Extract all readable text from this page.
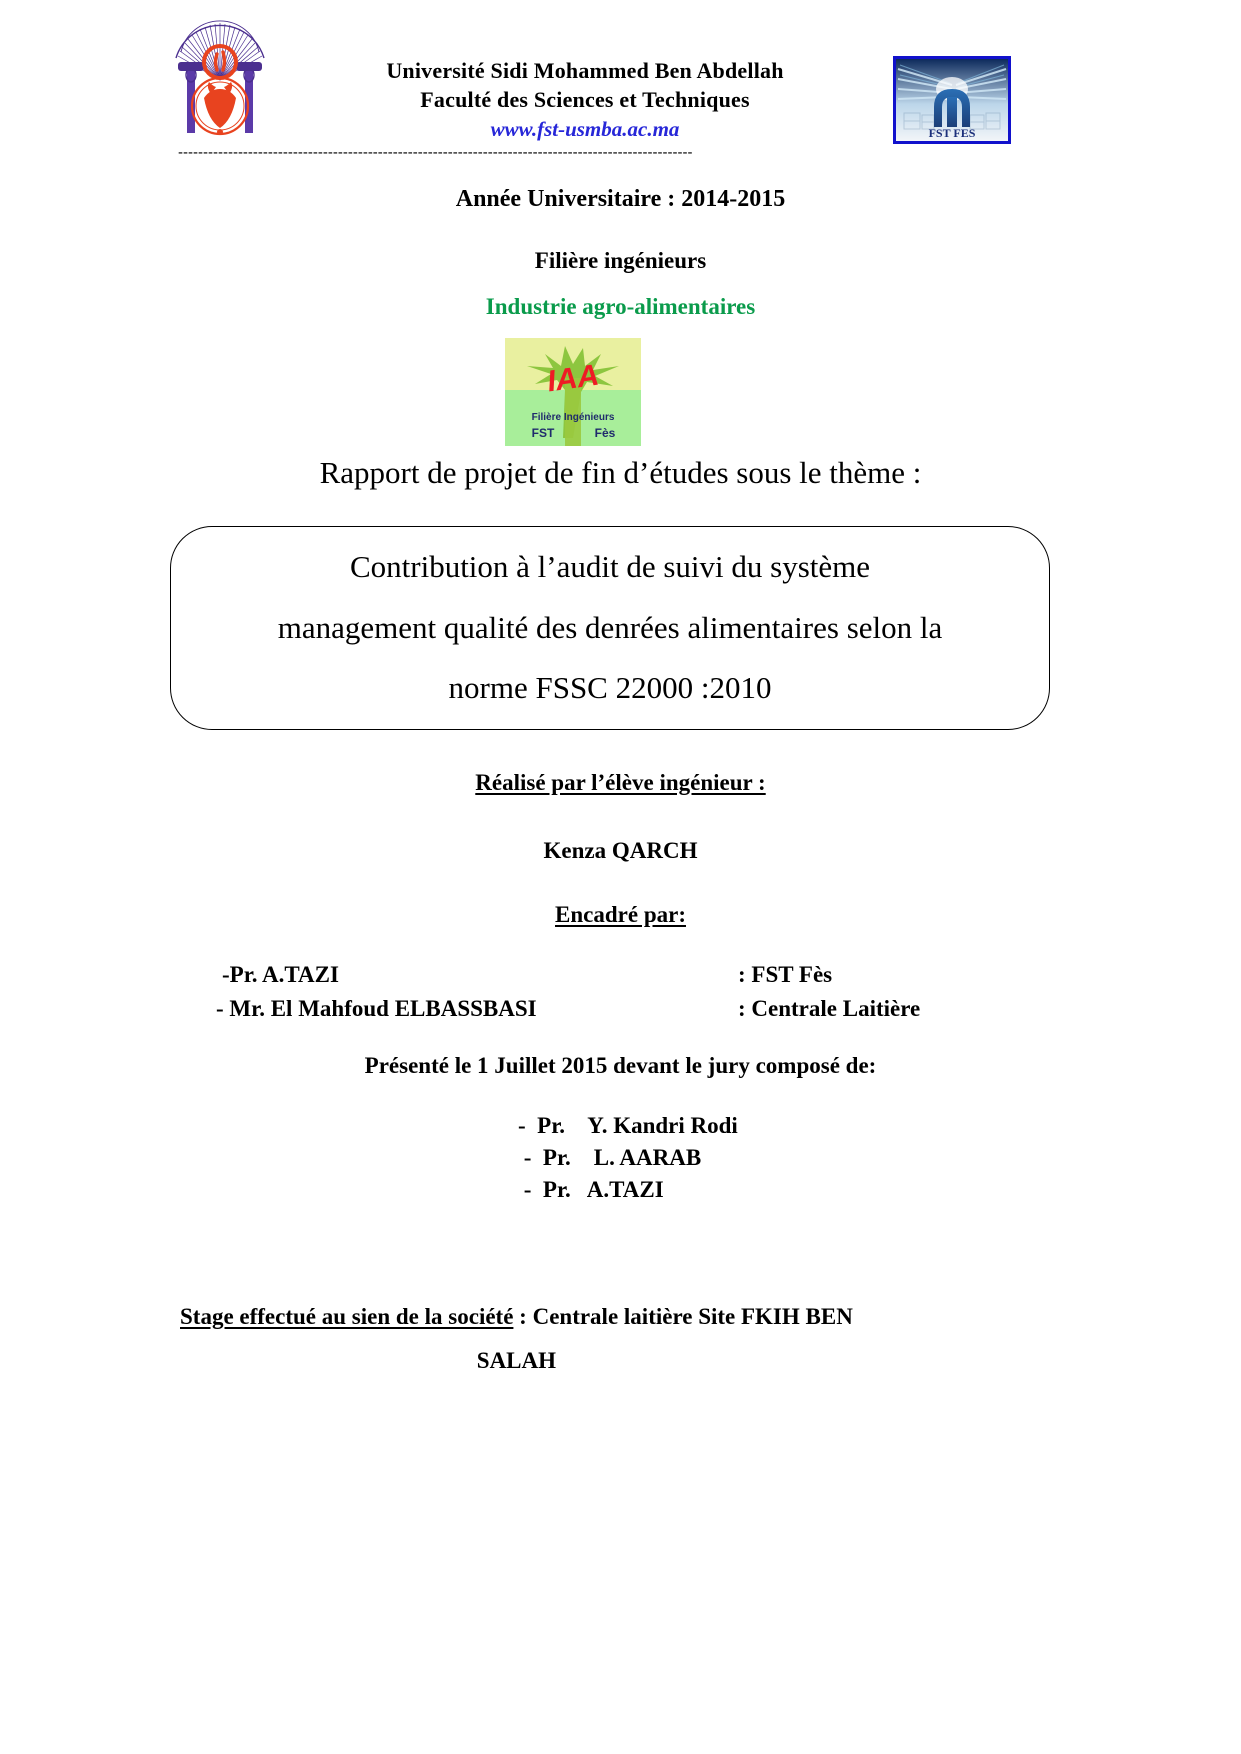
Université Sidi Mohammed Ben Abdellah
Faculté des Sciences et Techniques
www.fst-usmba.ac.ma	FST FES
-------------------------------------------------------------------------------------------------------
Année Universitaire : 2014-2015
Filière ingénieurs
Industrie agro-alimentaires
IAA
Filière Ingénieurs
FST	Fès
Rapport de projet de fin d’études sous le thème :
Contribution à l’audit de suivi du système
management qualité des denrées alimentaires selon la
norme FSSC 22000 :2010
Réalisé par l’élève ingénieur :
Kenza QARCH
Encadré par:
-Pr. A.TAZI	: FST Fès
- Mr. El Mahfoud ELBASSBASI	: Centrale Laitière
Présenté le 1 Juillet 2015 devant le jury composé de:
-  Pr.    Y. Kandri Rodi
-  Pr.    L. AARAB
-  Pr.   A.TAZI
Stage effectué au sien de la société : Centrale laitière Site FKIH BEN
SALAH
